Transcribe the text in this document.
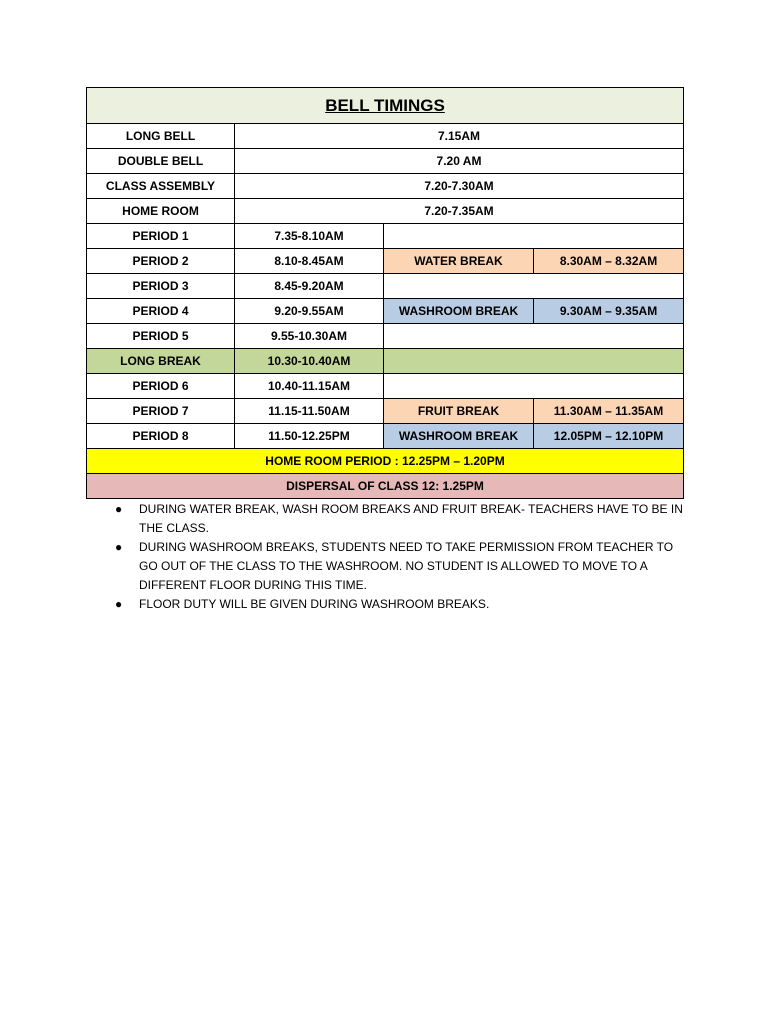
BELL TIMINGS			
LONG BELL	7.15AM		
DOUBLE BELL	7.20 AM		
CLASS ASSEMBLY	7.20-7.30AM		
HOME ROOM	7.20-7.35AM		
PERIOD 1	7.35-8.10AM		
PERIOD 2	8.10-8.45AM	WATER BREAK	8.30AM – 8.32AM
PERIOD 3	8.45-9.20AM		
PERIOD 4	9.20-9.55AM	WASHROOM BREAK	9.30AM – 9.35AM
PERIOD 5	9.55-10.30AM		
LONG BREAK	10.30-10.40AM		
PERIOD 6	10.40-11.15AM		
PERIOD 7	11.15-11.50AM	FRUIT BREAK	11.30AM – 11.35AM
PERIOD 8	11.50-12.25PM	WASHROOM BREAK	12.05PM – 12.10PM
HOME ROOM PERIOD : 12.25PM – 1.20PM			
DISPERSAL OF CLASS 12: 1.25PM			
● DURING WATER BREAK, WASH ROOM BREAKS AND FRUIT BREAK- TEACHERS HAVE TO BE IN THE CLASS.
● DURING WASHROOM BREAKS, STUDENTS NEED TO TAKE PERMISSION FROM TEACHER TO GO OUT OF THE CLASS TO THE WASHROOM. NO STUDENT IS ALLOWED TO MOVE TO A DIFFERENT FLOOR DURING THIS TIME.
● FLOOR DUTY WILL BE GIVEN DURING WASHROOM BREAKS.
